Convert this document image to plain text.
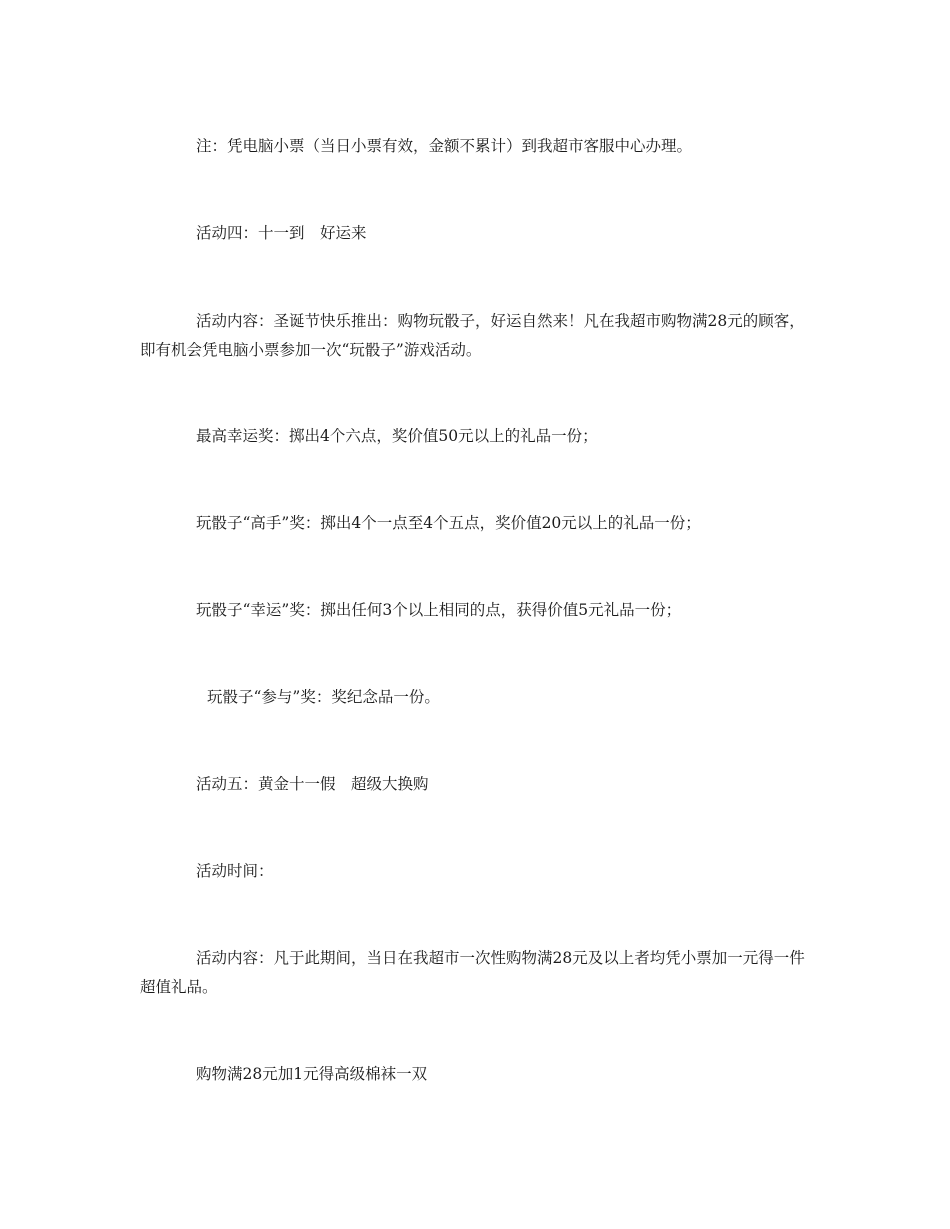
注：凭电脑小票（当日小票有效，金额不累计）到我超市客服中心办理。

活动四：十一到　好运来

活动内容：圣诞节快乐推出：购物玩骰子，好运自然来！凡在我超市购物满28元的顾客，即有机会凭电脑小票参加一次“玩骰子”游戏活动。

最高幸运奖：掷出4个六点，奖价值50元以上的礼品一份；

玩骰子“高手”奖：掷出4个一点至4个五点，奖价值20元以上的礼品一份；

玩骰子“幸运”奖：掷出任何3个以上相同的点，获得价值5元礼品一份；

玩骰子“参与”奖：奖纪念品一份。

活动五：黄金十一假　超级大换购

活动时间：

活动内容：凡于此期间，当日在我超市一次性购物满28元及以上者均凭小票加一元得一件超值礼品。

购物满28元加1元得高级棉袜一双
